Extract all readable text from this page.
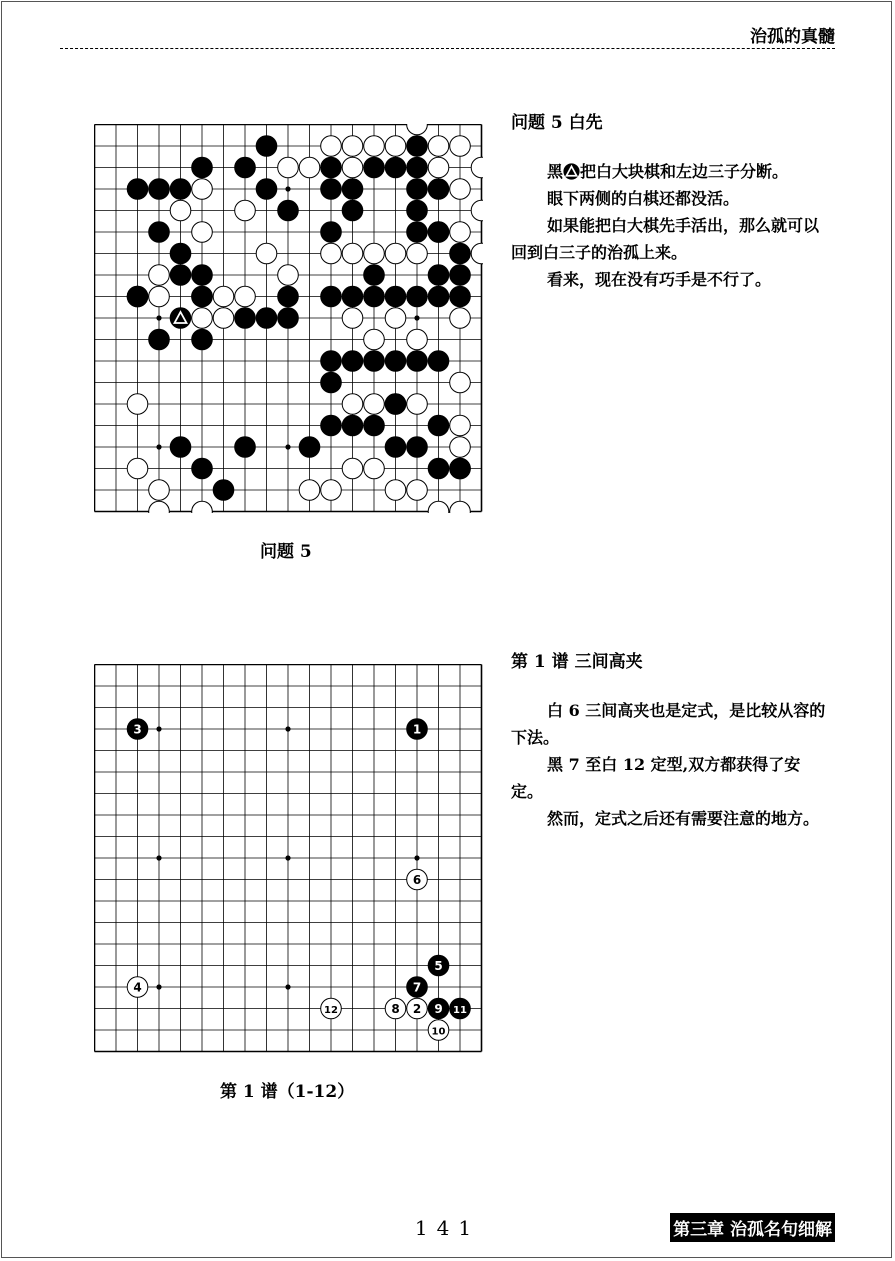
治孤的真髓
问题 5
问题 5 白先

黑 把白大块棋和左边三子分断。

眼下两侧的白棋还都没活。

如果能把白大棋先手活出，那么就可以回到白三子的治孤上来。

看来，现在没有巧手是不行了。

1
2
3
4
5
6
7
8	9
10
11
12
第 1 谱（1-12）
第 1 谱 三间高夹

白 6 三间高夹也是定式，是比较从容的下法。

黑 7 至白 12 定型,双方都获得了安定。

然而，定式之后还有需要注意的地方。

141	第三章 治孤名句细解
